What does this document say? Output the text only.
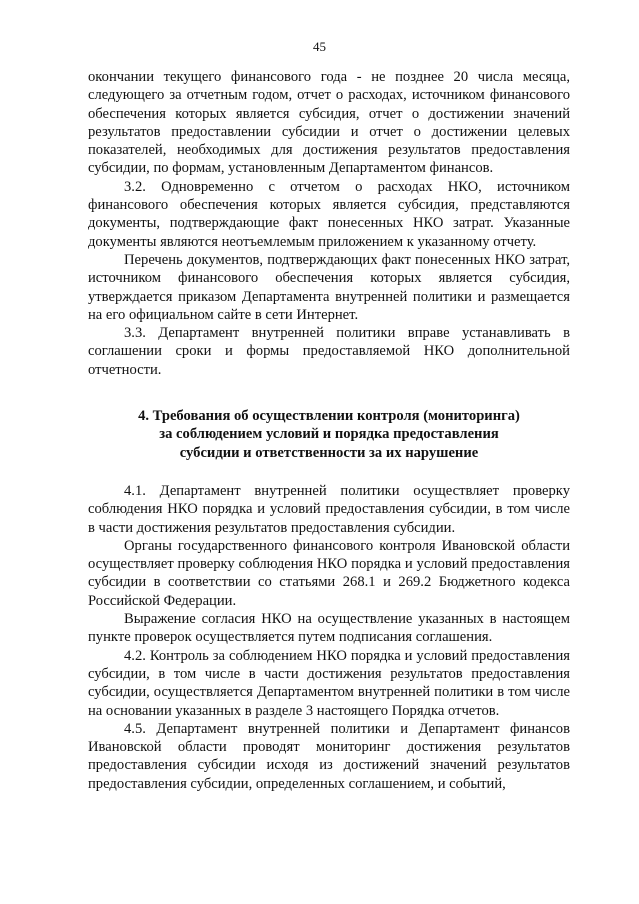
45

окончании текущего финансового года - не позднее 20 числа месяца, следующего за отчетным годом, отчет о расходах, источником финансового обеспечения которых является субсидия, отчет о достижении значений результатов предоставлении субсидии и отчет о достижении целевых показателей, необходимых для достижения результатов предоставления субсидии, по формам, установленным Департаментом финансов.

3.2. Одновременно с отчетом о расходах НКО, источником финансового обеспечения которых является субсидия, представляются документы, подтверждающие факт понесенных НКО затрат. Указанные документы являются неотъемлемым приложением к указанному отчету.

Перечень документов, подтверждающих факт понесенных НКО затрат, источником финансового обеспечения которых является субсидия, утверждается приказом Департамента внутренней политики и размещается на его официальном сайте в сети Интернет.

3.3. Департамент внутренней политики вправе устанавливать в соглашении сроки и формы предоставляемой НКО дополнительной отчетности.

4. Требования об осуществлении контроля (мониторинга)
за соблюдением условий и порядка предоставления
субсидии и ответственности за их нарушение

4.1. Департамент внутренней политики осуществляет проверку соблюдения НКО порядка и условий предоставления субсидии, в том числе в части достижения результатов предоставления субсидии.

Органы государственного финансового контроля Ивановской области осуществляет проверку соблюдения НКО порядка и условий предоставления субсидии в соответствии со статьями 268.1 и 269.2 Бюджетного кодекса Российской Федерации.

Выражение согласия НКО на осуществление указанных в настоящем пункте проверок осуществляется путем подписания соглашения.

4.2. Контроль за соблюдением НКО порядка и условий предоставления субсидии, в том числе в части достижения результатов предоставления субсидии, осуществляется Департаментом внутренней политики в том числе на основании указанных в разделе 3 настоящего Порядка отчетов.

4.5. Департамент внутренней политики и Департамент финансов Ивановской области проводят мониторинг достижения результатов предоставления субсидии исходя из достижений значений результатов предоставления субсидии, определенных соглашением, и событий,
